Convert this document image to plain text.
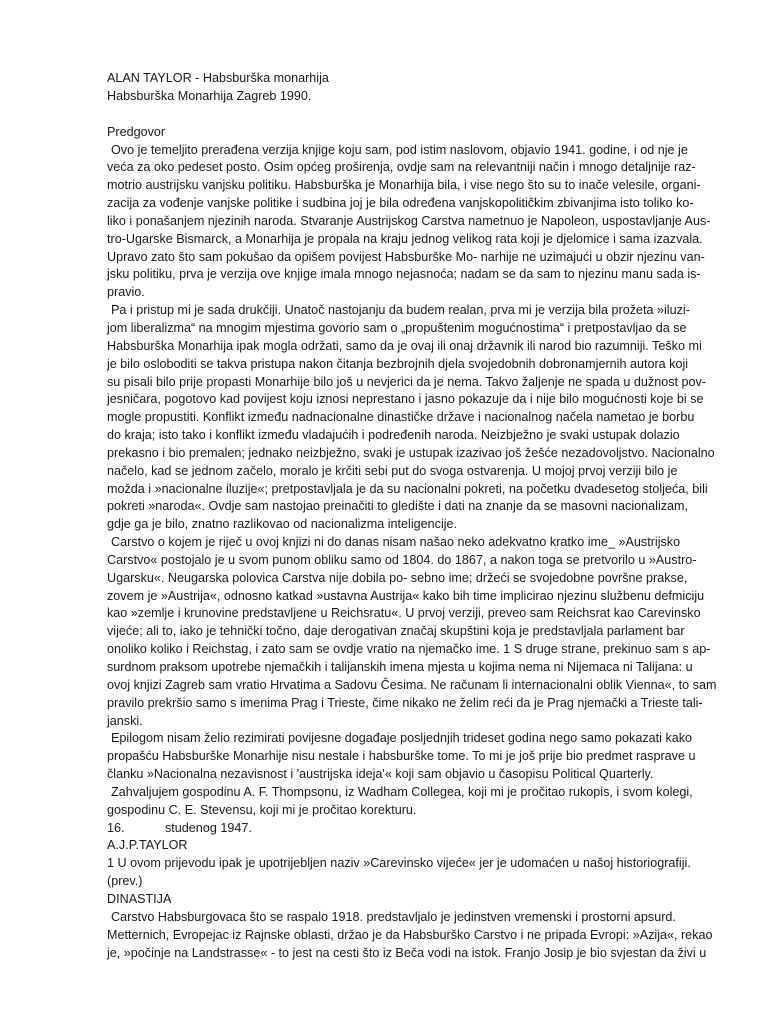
ALAN TAYLOR - Habsburška monarhija
Habsburška Monarhija Zagreb 1990.
Predgovor
Ovo je temeljito prerađena verzija knjige koju sam, pod istim naslovom, objavio 1941. godine, i od nje je
veća za oko pedeset posto. Osim općeg proširenja, ovdje sam na relevantniji način i mnogo detaljnije raz-
motrio austrijsku vanjsku politiku. Habsburška je Monarhija bila, i vise nego što su to inače velesile, organi-
zacija za vođenje vanjske politike i sudbina joj je bila određena vanjskopolitičkim zbivanjima isto toliko ko-
liko i ponašanjem njezinih naroda. Stvaranje Austrijskog Carstva nametnuo je Napoleon, uspostavljanje Aus-
tro-Ugarske Bismarck, a Monarhija je propala na kraju jednog velikog rata koji je djelomice i sama izazvala.
Upravo zato što sam pokušao da opišem povijest Habsburške Mo- narhije ne uzimajući u obzir njezinu van-
jsku politiku, prva je verzija ove knjige imala mnogo nejasnoća; nadam se da sam to njezinu manu sada is-
pravio.
Pa i pristup mi je sada drukčiji. Unatoč nastojanju da budem realan, prva mi je verzija bila prožeta »iluzi-
jom liberalizma“ na mnogim mjestima govorio sam o „propuštenim mogućnostima“ i pretpostavljao da se
Habsburška Monarhija ipak mogla održati, samo da je ovaj ili onaj državnik ili narod bio razumniji. Teško mi
je bilo osloboditi se takva pristupa nakon čitanja bezbrojnih djela svojedobnih dobronamjernih autora koji
su pisali bilo prije propasti Monarhije bilo još u nevjerici da je nema. Takvo žaljenje ne spada u dužnost pov-
jesničara, pogotovo kad povijest koju iznosi neprestano i jasno pokazuje da i nije bilo mogućnosti koje bi se
mogle propustiti. Konflikt između nadnacionalne dinastičke države i nacionalnog načela nametao je borbu
do kraja; isto tako i konflikt između vladajućih i podređenih naroda. Neizbježno je svaki ustupak dolazio
prekasno i bio premalen; jednako neizbježno, svaki je ustupak izazivao još žešće nezadovoljstvo. Nacionalno
načelo, kad se jednom začelo, moralo je krčiti sebi put do svoga ostvarenja. U mojoj prvoj verziji bilo je
možda i »nacionalne iluzije«; pretpostavljala je da su nacionalni pokreti, na početku dvadesetog stoljeća, bili
pokreti »naroda«. Ovdje sam nastojao preinačiti to gledište i dati na znanje da se masovni nacionalizam,
gdje ga je bilo, znatno razlikovao od nacionalizma inteligencije.
Carstvo o kojem je riječ u ovoj knjizi ni do danas nisam našao neko adekvatno kratko ime_ »Austrijsko
Carstvo« postojalo je u svom punom obliku samo od 1804. do 1867, a nakon toga se pretvorilo u »Austro-
Ugarsku«. Neugarska polovica Carstva nije dobila po- sebno ime; držeći se svojedobne površne prakse,
zovem je »Austrija«, odnosno katkad »ustavna Austrija« kako bih time implicirao njezinu službenu defmiciju
kao »zemlje i krunovine predstavljene u Reichsratu«. U prvoj verziji, preveo sam Reichsrat kao Carevinsko
vijeće; ali to, iako je tehnički točno, daje derogativan značaj skupštini koja je predstavljala parlament bar
onoliko koliko i Reichstag, i zato sam se ovdje vratio na njemačko ime. 1 S druge strane, prekinuo sam s ap-
surdnom praksom upotrebe njemačkih i talijanskih imena mjesta u kojima nema ni Nijemaca ni Talijana: u
ovoj knjizi Zagreb sam vratio Hrvatima a Sadovu Česima. Ne računam li internacionalni oblik Vienna«, to sam
pravilo prekršio samo s imenima Prag i Trieste, čime nikako ne želim reći da je Prag njemački a Trieste tali-
janski.
Epilogom nisam želio rezimirati povijesne događaje posljednjih trideset godina nego samo pokazati kako
propašću Habsburške Monarhije nisu nestale i habsburške tome. To mi je još prije bio predmet rasprave u
članku »Nacionalna nezavisnost i 'austrijska ideja'« koji sam objavio u časopisu Political Quarterly.
Zahvaljujem gospodinu A. F. Thompsonu, iz Wadham Collegea, koji mi je pročitao rukopis, i svom kolegi,
gospodinu C. E. Stevensu, koji mi je pročitao korekturu.
16.	studenog 1947.
A.J.P.TAYLOR
1 U ovom prijevodu ipak je upotrijebljen naziv »Carevinsko vijeće« jer je udomaćen u našoj historiografiji.
(prev.)
DINASTIJA
Carstvo Habsburgovaca što se raspalo 1918. predstavljalo je jedinstven vremenski i prostorni apsurd.
Metternich, Evropejac iz Rajnske oblasti, držao je da Habsburško Carstvo i ne pripada Evropi: »Azija«, rekao
je, »počinje na Landstrasse« - to jest na cesti što iz Beča vodi na istok. Franjo Josip je bio svjestan da živi u
